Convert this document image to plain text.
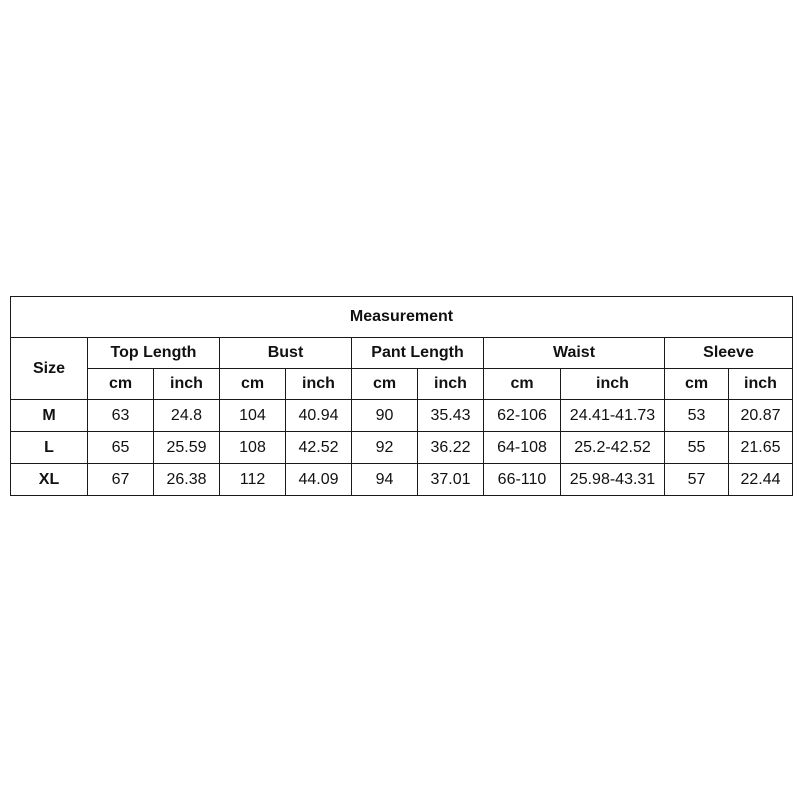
Measurement										
Size	Top Length		Bust		Pant Length		Waist		Sleeve	
	cm	inch	cm	inch	cm	inch	cm	inch	cm	inch
M	63	24.8	104	40.94	90	35.43	62-106	24.41-41.73	53	20.87
L	65	25.59	108	42.52	92	36.22	64-108	25.2-42.52	55	21.65
XL	67	26.38	112	44.09	94	37.01	66-110	25.98-43.31	57	22.44
